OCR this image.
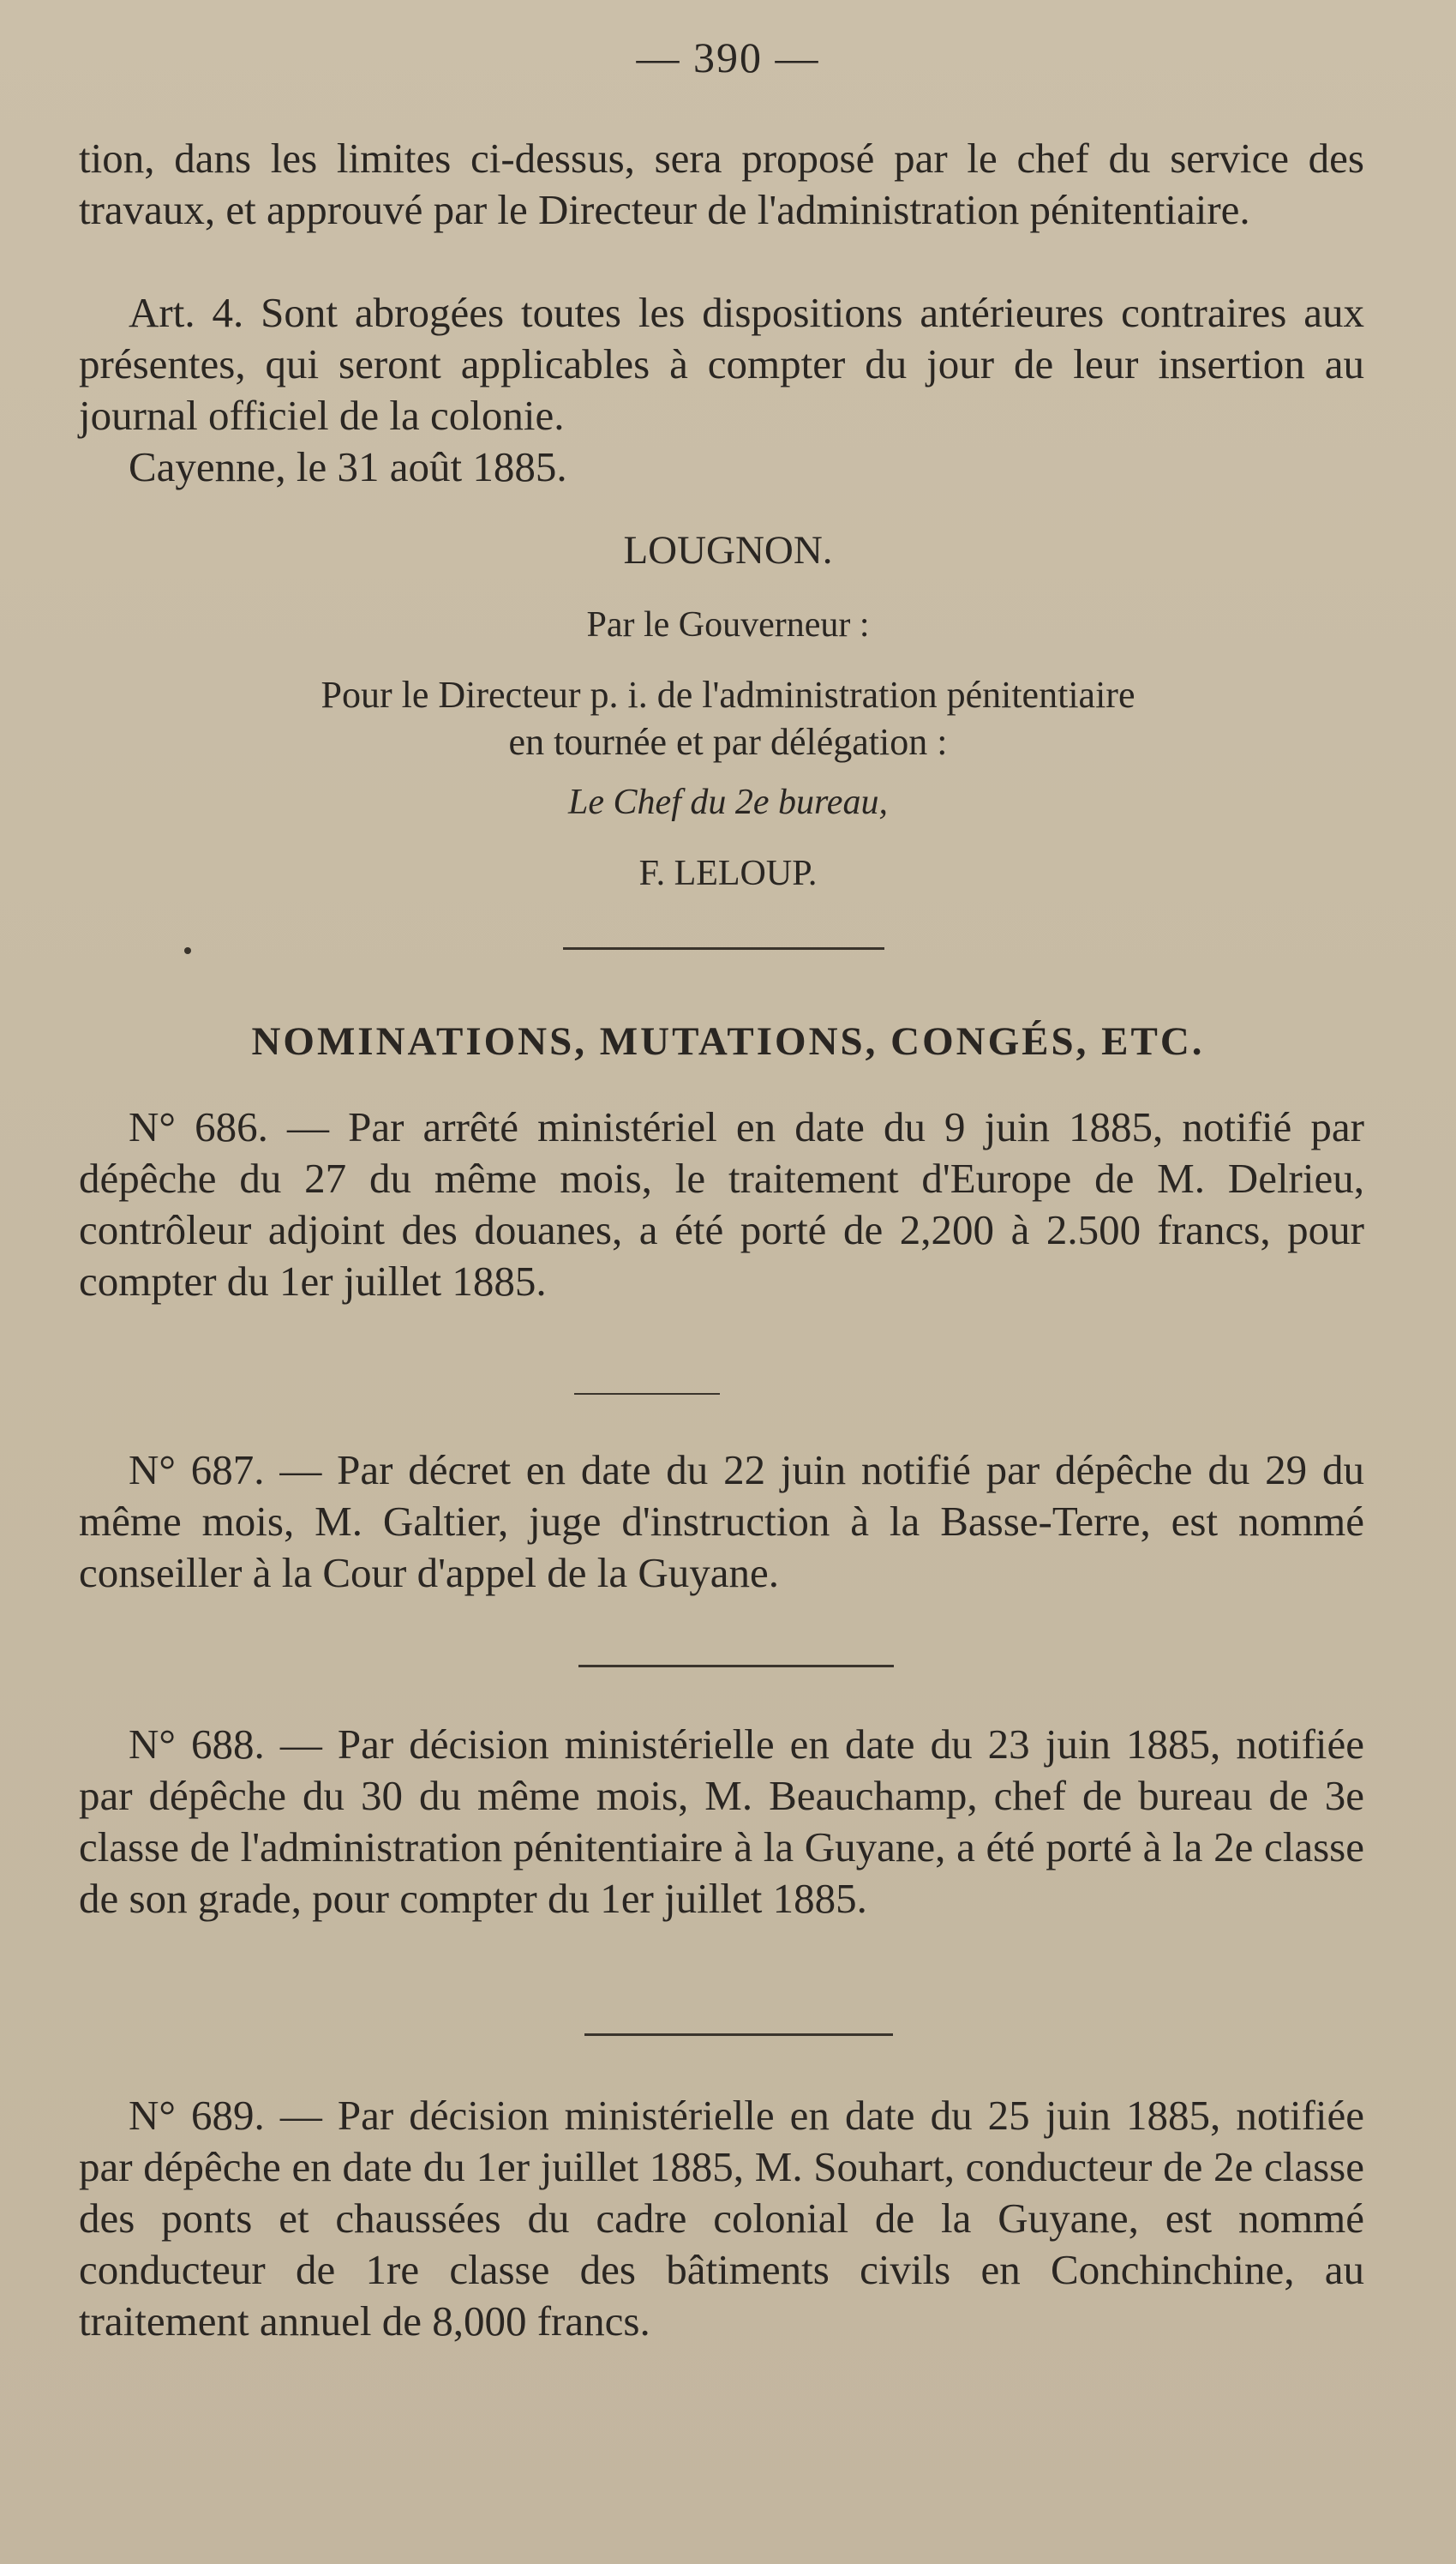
— 390 —

tion, dans les limites ci-dessus, sera proposé par le chef du service des travaux, et approuvé par le Directeur de l'administration pénitentiaire.

Art. 4. Sont abrogées toutes les dispositions antérieures contraires aux présentes, qui seront applicables à compter du jour de leur insertion au journal officiel de la colonie.

Cayenne, le 31 août 1885.

LOUGNON.
Par le Gouverneur :
Pour le Directeur p. i. de l'administration pénitentiaire
en tournée et par délégation :
Le Chef du 2e bureau,
F. LELOUP.
NOMINATIONS, MUTATIONS, CONGÉS, ETC.

N° 686. — Par arrêté ministériel en date du 9 juin 1885, notifié par dépêche du 27 du même mois, le traitement d'Europe de M. Delrieu, contrôleur adjoint des douanes, a été porté de 2,200 à 2.500 francs, pour compter du 1er juillet 1885.

N° 687. — Par décret en date du 22 juin notifié par dépêche du 29 du même mois, M. Galtier, juge d'instruction à la Basse-Terre, est nommé conseiller à la Cour d'appel de la Guyane.

N° 688. — Par décision ministérielle en date du 23 juin 1885, notifiée par dépêche du 30 du même mois, M. Beauchamp, chef de bureau de 3e classe de l'administration pénitentiaire à la Guyane, a été porté à la 2e classe de son grade, pour compter du 1er juillet 1885.

N° 689. — Par décision ministérielle en date du 25 juin 1885, notifiée par dépêche en date du 1er juillet 1885, M. Souhart, conducteur de 2e classe des ponts et chaussées du cadre colonial de la Guyane, est nommé conducteur de 1re classe des bâtiments civils en Conchinchine, au traitement annuel de 8,000 francs.
